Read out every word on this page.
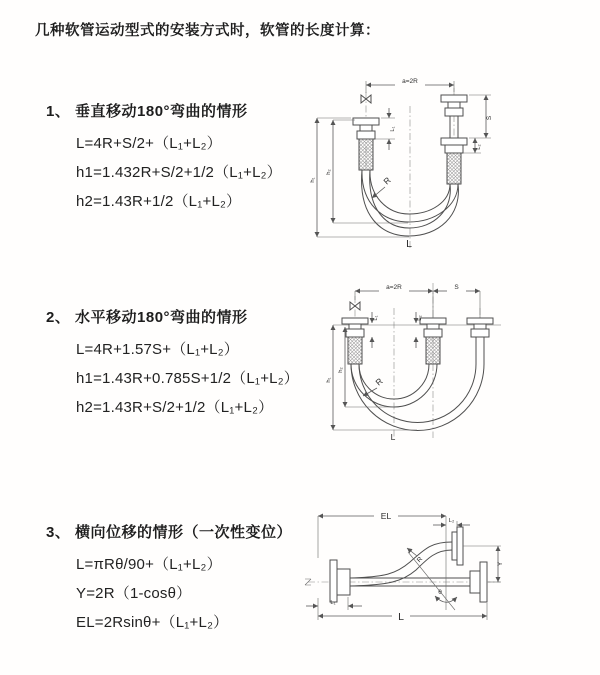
几种软管运动型式的安装方式时，软管的长度计算：
1、 垂直移动180°弯曲的情形
L=4R+S/2+（L₁+L₂）
h1=1.432R+S/2+1/2（L₁+L₂）
h2=1.43R+1/2（L₁+L₂）
2、 水平移动180°弯曲的情形
L=4R+1.57S+（L₁+L₂）
h1=1.43R+0.785S+1/2（L₁+L₂）
h2=1.43R+S/2+1/2（L₁+L₂）
3、 横向位移的情形（一次性变位）
L=πRθ/90+（L₁+L₂）
Y=2R（1-cosθ）
EL=2Rsinθ+（L₁+L₂）
a=2R
h₁
h₂
L₁
S
L₂
R
L
a=2R	S
h₁
h₂
L₁	L₂
R
L
EL	L₂
Y
θ
R
L₁
L
